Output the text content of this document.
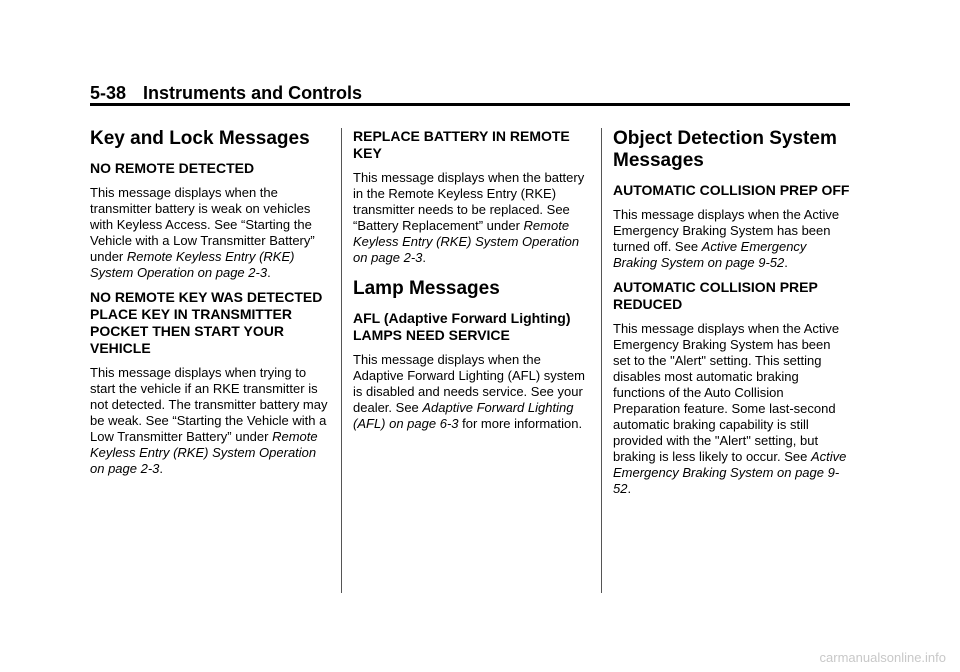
5-38 Instruments and Controls
Key and Lock Messages
NO REMOTE DETECTED

This message displays when the transmitter battery is weak on vehicles with Keyless Access. See “Starting the Vehicle with a Low Transmitter Battery” under Remote Keyless Entry (RKE) System Operation on page 2-3.

NO REMOTE KEY WAS DETECTED PLACE KEY IN TRANSMITTER POCKET THEN START YOUR VEHICLE

This message displays when trying to start the vehicle if an RKE transmitter is not detected. The transmitter battery may be weak. See “Starting the Vehicle with a Low Transmitter Battery” under Remote Keyless Entry (RKE) System Operation on page 2-3.

REPLACE BATTERY IN REMOTE KEY

This message displays when the battery in the Remote Keyless Entry (RKE) transmitter needs to be replaced. See “Battery Replacement” under Remote Keyless Entry (RKE) System Operation on page 2-3.

Lamp Messages
AFL (Adaptive Forward Lighting) LAMPS NEED SERVICE

This message displays when the Adaptive Forward Lighting (AFL) system is disabled and needs service. See your dealer. See Adaptive Forward Lighting (AFL) on page 6-3 for more information.

Object Detection System Messages
AUTOMATIC COLLISION PREP OFF

This message displays when the Active Emergency Braking System has been turned off. See Active Emergency Braking System on page 9-52.

AUTOMATIC COLLISION PREP REDUCED

This message displays when the Active Emergency Braking System has been set to the "Alert" setting. This setting disables most automatic braking functions of the Auto Collision Preparation feature. Some last-second automatic braking capability is still provided with the "Alert" setting, but braking is less likely to occur. See Active Emergency Braking System on page 9-52.

carmanualsonline.info
